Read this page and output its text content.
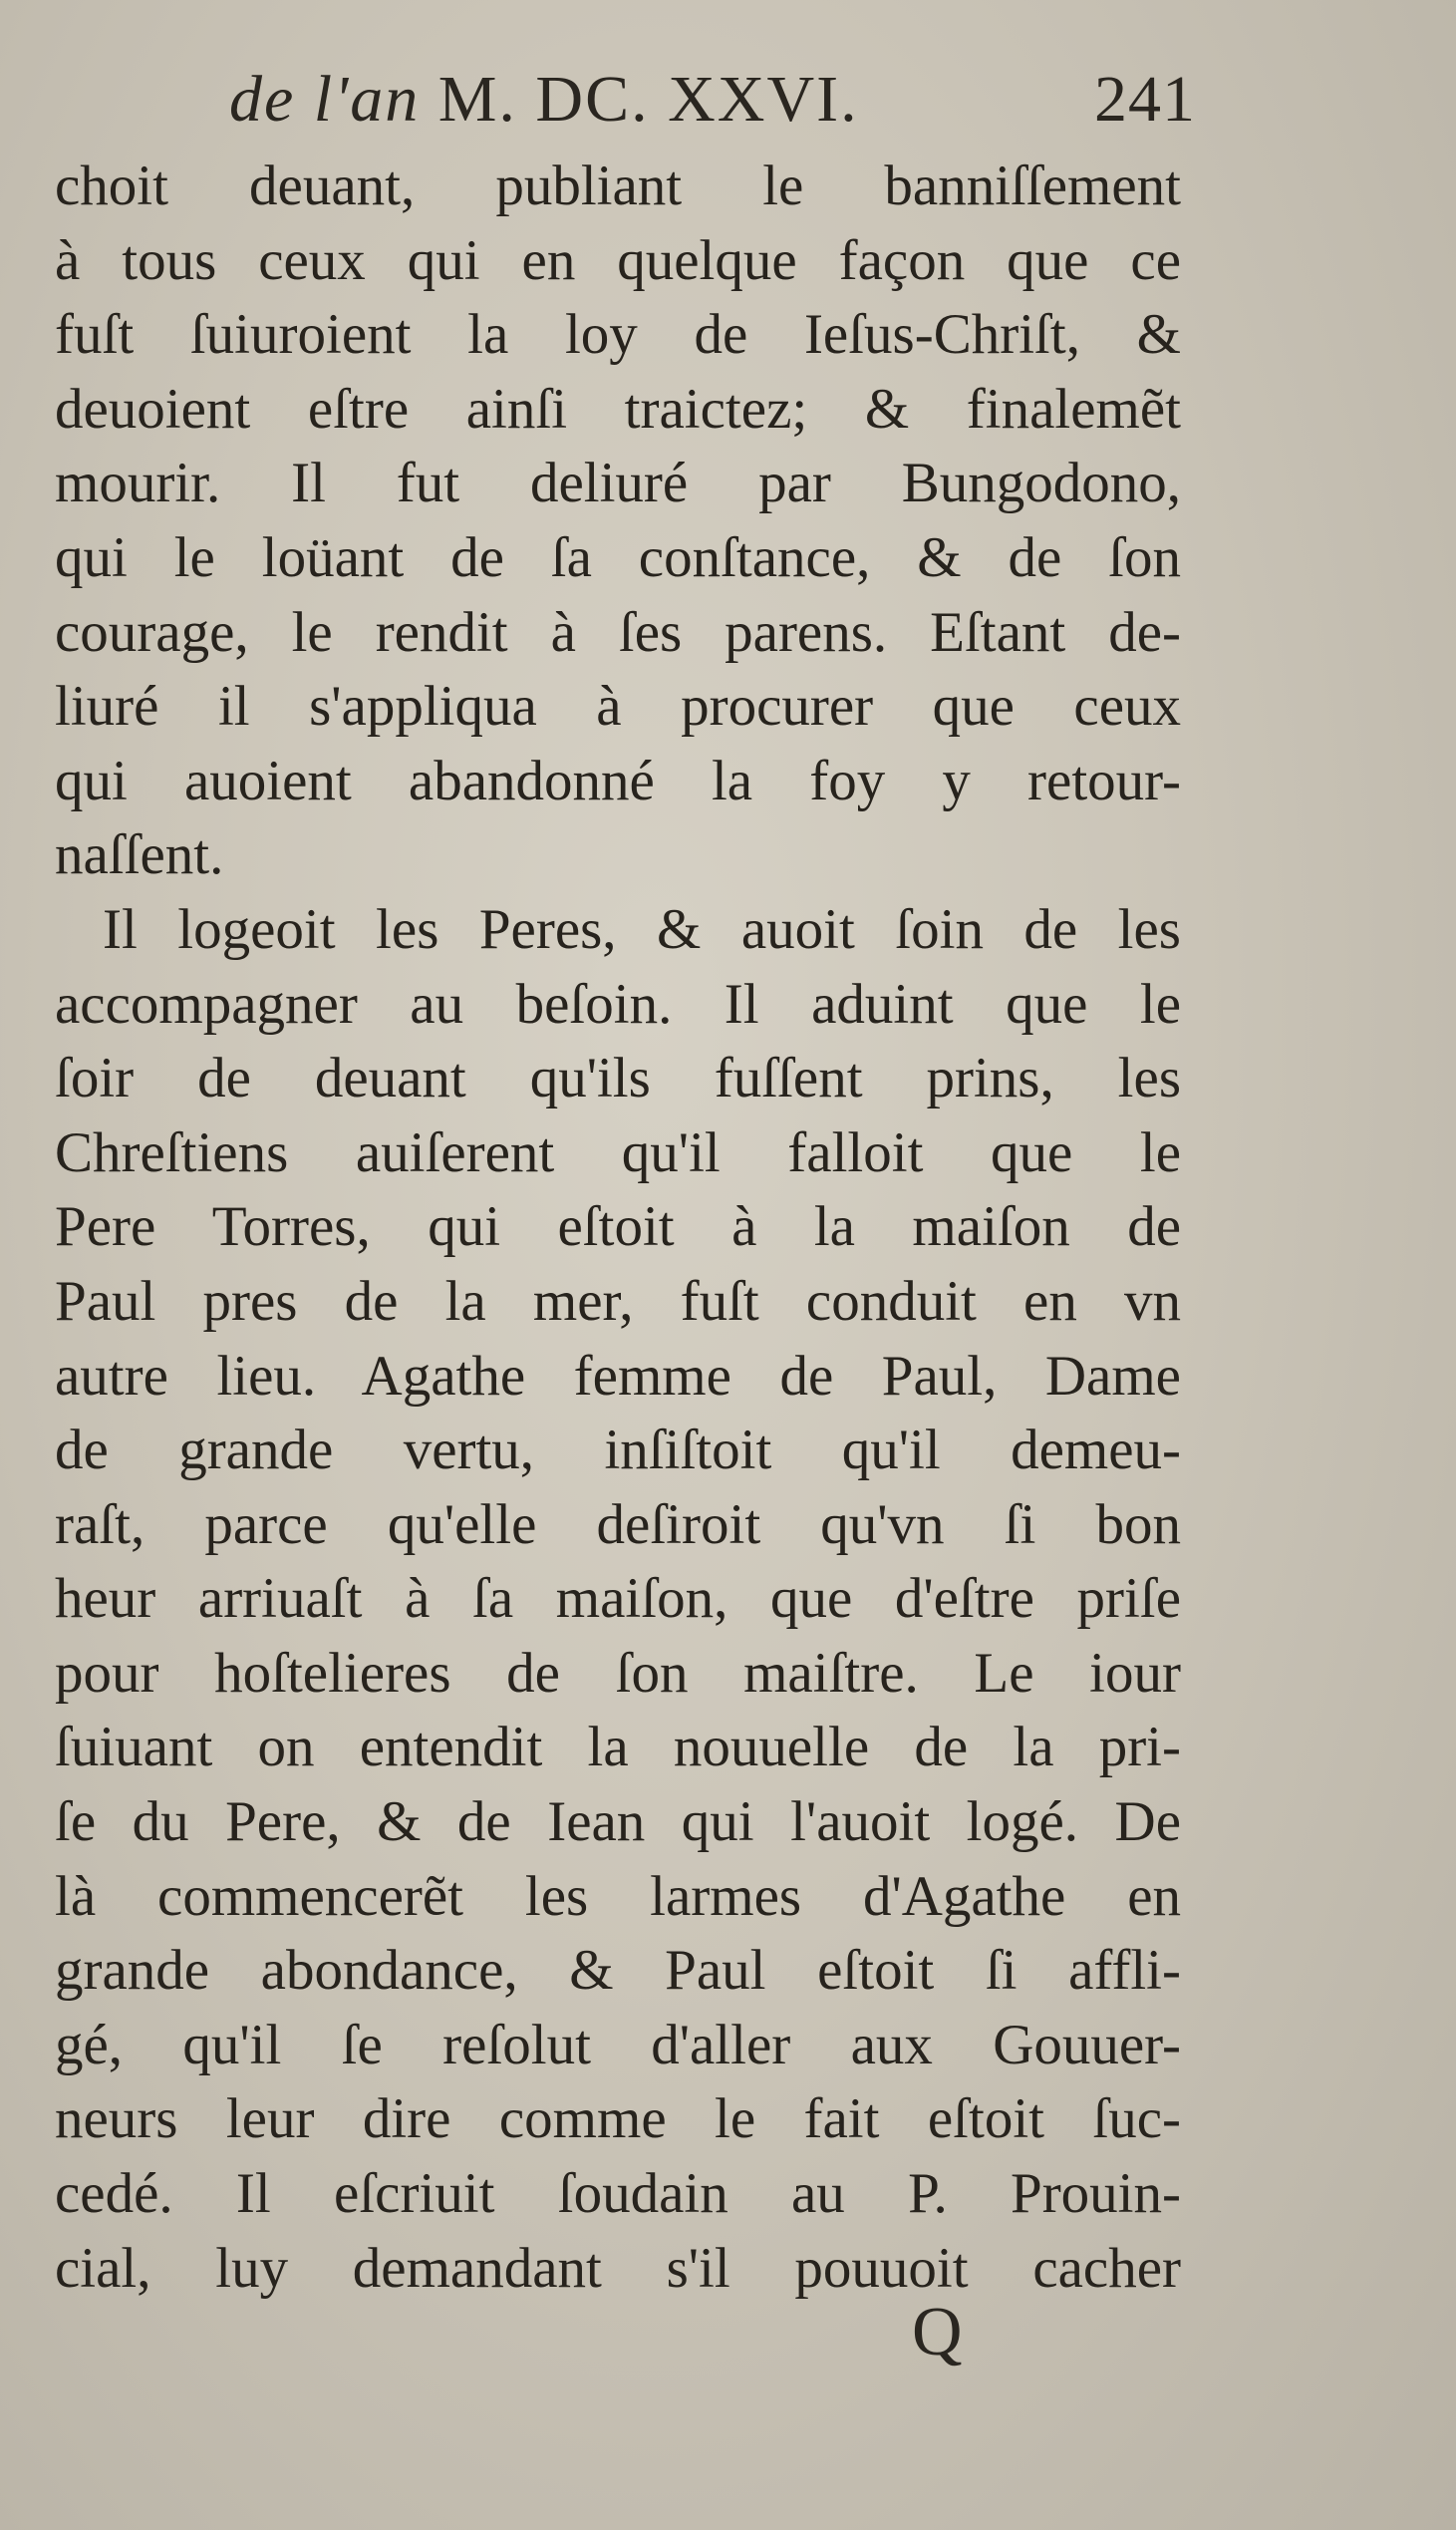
de l'an M. DC. XXVI.	241
choit deuant, publiant le banniſſement
à tous ceux qui en quelque façon que ce
fuſt ſuiuroient la loy de Ieſus-Chriſt, &
deuoient eſtre ainſi traictez; & finalemẽt
mourir. Il fut deliuré par Bungodono,
qui le loüant de ſa conſtance, & de ſon
courage, le rendit à ſes parens. Eſtant de-
liuré il s'appliqua à procurer que ceux
qui auoient abandonné la foy y retour-
naſſent.
Il logeoit les Peres, & auoit ſoin de les
accompagner au beſoin. Il aduint que le
ſoir de deuant qu'ils fuſſent prins, les
Chreſtiens auiſerent qu'il falloit que le
Pere Torres, qui eſtoit à la maiſon de
Paul pres de la mer, fuſt conduit en vn
autre lieu. Agathe femme de Paul, Dame
de grande vertu, inſiſtoit qu'il demeu-
raſt, parce qu'elle deſiroit qu'vn ſi bon
heur arriuaſt à ſa maiſon, que d'eſtre priſe
pour hoſtelieres de ſon maiſtre. Le iour
ſuiuant on entendit la nouuelle de la pri-
ſe du Pere, & de Iean qui l'auoit logé. De
là commencerẽt les larmes d'Agathe en
grande abondance, & Paul eſtoit ſi affli-
gé, qu'il ſe reſolut d'aller aux Gouuer-
neurs leur dire comme le fait eſtoit ſuc-
cedé. Il eſcriuit ſoudain au P. Prouin-
cial, luy demandant s'il pouuoit cacher
Q
